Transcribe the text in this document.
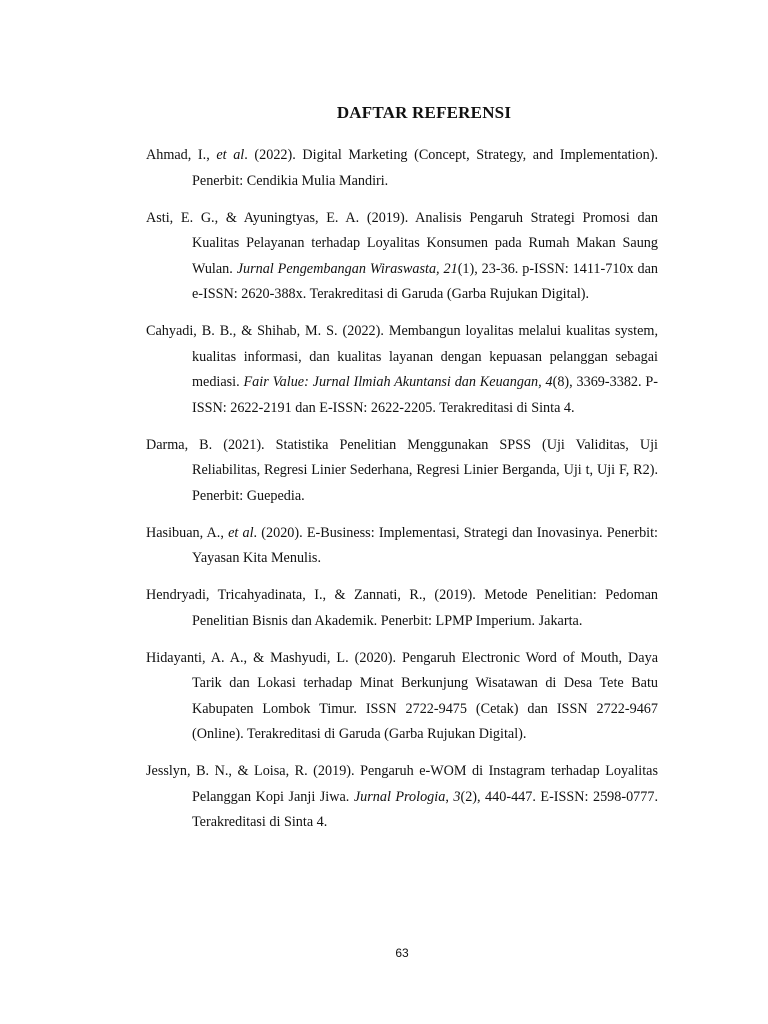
DAFTAR REFERENSI

Ahmad, I., et al. (2022). Digital Marketing (Concept, Strategy, and Implementation). Penerbit: Cendikia Mulia Mandiri.

Asti, E. G., & Ayuningtyas, E. A. (2019). Analisis Pengaruh Strategi Promosi dan Kualitas Pelayanan terhadap Loyalitas Konsumen pada Rumah Makan Saung Wulan. Jurnal Pengembangan Wiraswasta, 21(1), 23-36. p-ISSN: 1411-710x dan e-ISSN: 2620-388x. Terakreditasi di Garuda (Garba Rujukan Digital).

Cahyadi, B. B., & Shihab, M. S. (2022). Membangun loyalitas melalui kualitas system, kualitas informasi, dan kualitas layanan dengan kepuasan pelanggan sebagai mediasi. Fair Value: Jurnal Ilmiah Akuntansi dan Keuangan, 4(8), 3369-3382. P-ISSN: 2622-2191 dan E-ISSN: 2622-2205. Terakreditasi di Sinta 4.

Darma, B. (2021). Statistika Penelitian Menggunakan SPSS (Uji Validitas, Uji Reliabilitas, Regresi Linier Sederhana, Regresi Linier Berganda, Uji t, Uji F, R2). Penerbit: Guepedia.

Hasibuan, A., et al. (2020). E-Business: Implementasi, Strategi dan Inovasinya. Penerbit: Yayasan Kita Menulis.

Hendryadi, Tricahyadinata, I., & Zannati, R., (2019). Metode Penelitian: Pedoman Penelitian Bisnis dan Akademik. Penerbit: LPMP Imperium. Jakarta.

Hidayanti, A. A., & Mashyudi, L. (2020). Pengaruh Electronic Word of Mouth, Daya Tarik dan Lokasi terhadap Minat Berkunjung Wisatawan di Desa Tete Batu Kabupaten Lombok Timur. ISSN 2722-9475 (Cetak) dan ISSN 2722-9467 (Online). Terakreditasi di Garuda (Garba Rujukan Digital).

Jesslyn, B. N., & Loisa, R. (2019). Pengaruh e-WOM di Instagram terhadap Loyalitas Pelanggan Kopi Janji Jiwa. Jurnal Prologia, 3(2), 440-447. E-ISSN: 2598-0777. Terakreditasi di Sinta 4.

63
